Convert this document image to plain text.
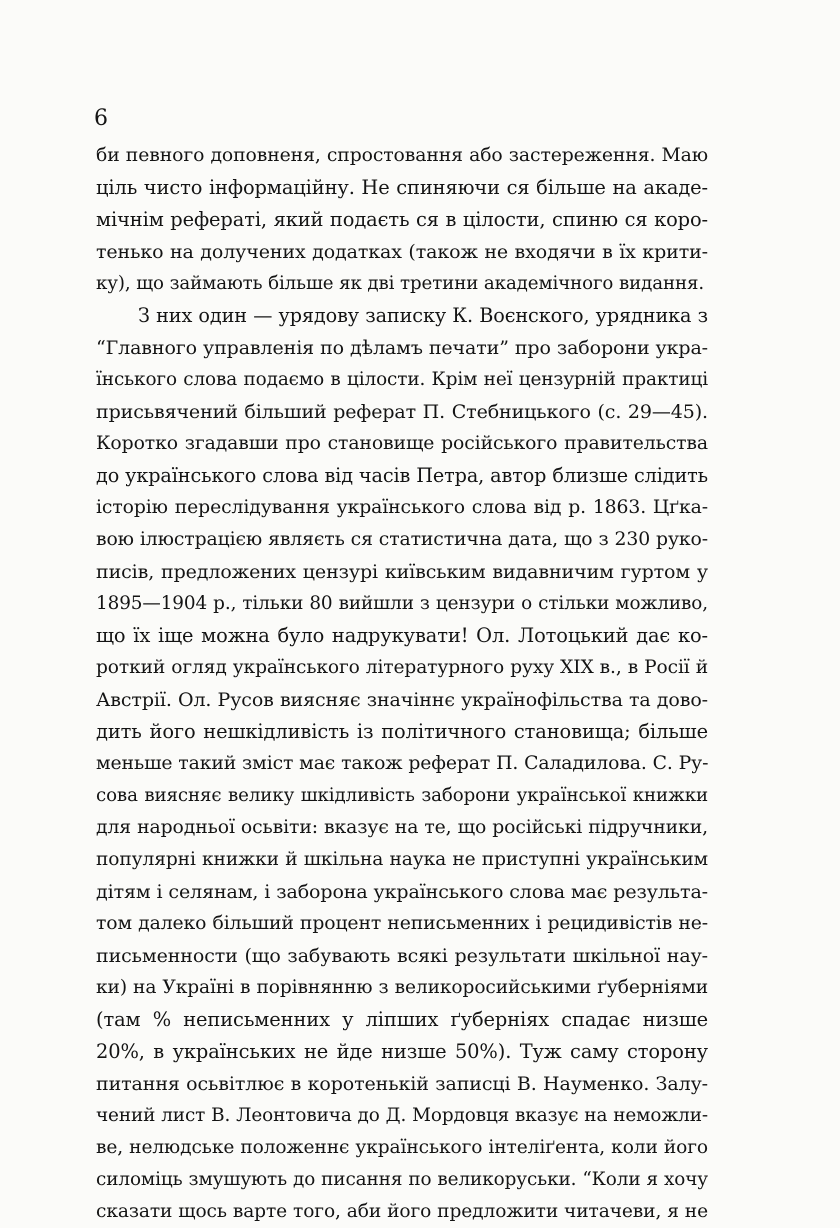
6
би певного доповненя, спростовання або застереження. Маю
ціль чисто інформаційну. Не спиняючи ся більше на акаде-
мічнім рефераті, який подаєть ся в цілости, спиню ся коро-
тенько на долучених додатках (також не входячи в їх крити-
ку), що займають більше як дві третини академічного видання.
З них один — урядову записку К. Воєнского, урядника з
“Главного управленія по дѣламъ печати” про заборони укра-
їнського слова подаємо в цілости. Крім неї цензурній практиці
присьвячений більший реферат П. Стебницького (с. 29—45).
Коротко згадавши про становище російського правительства
до українського слова від часів Петра, автор близше слідить
історію переслідування українського слова від р. 1863. Цґка-
вою ілюстрацією являєть ся статистична дата, що з 230 руко-
писів, предложених цензурі київським видавничим гуртом у
1895—1904 р., тільки 80 вийшли з цензури о стільки можливо,
що їх іще можна було надрукувати! Ол. Лотоцький дає ко-
роткий огляд українського літературного руху XIX в., в Росії й
Австрії. Ол. Русов виясняє значіннє українофільства та дово-
дить його нешкідливість із політичного становища; більше
меньше такий зміст має також реферат П. Саладилова. С. Ру-
сова виясняє велику шкідливість заборони української книжки
для народньої осьвіти: вказує на те, що російські підручники,
популярні книжки й шкільна наука не приступні українським
дітям і селянам, і заборона українського слова має результа-
том далеко більший процент неписьменних і рецидивістів не-
письменности (що забувають всякі результати шкільної нау-
ки) на Україні в порівнянню з великоросийськими ґуберніями
(там % неписьменних у ліпших ґуберніях спадає низше
20%, в українських не йде низше 50%). Туж саму сторону
питання осьвітлює в коротенькій записці В. Науменко. Залу-
чений лист В. Леонтовича до Д. Мордовця вказує на неможли-
ве, нелюдське положеннє українського інтеліґента, коли його
силоміць змушують до писання по великоруськи. “Коли я хочу
сказати щось варте того, аби його предложити читачеви, я не
